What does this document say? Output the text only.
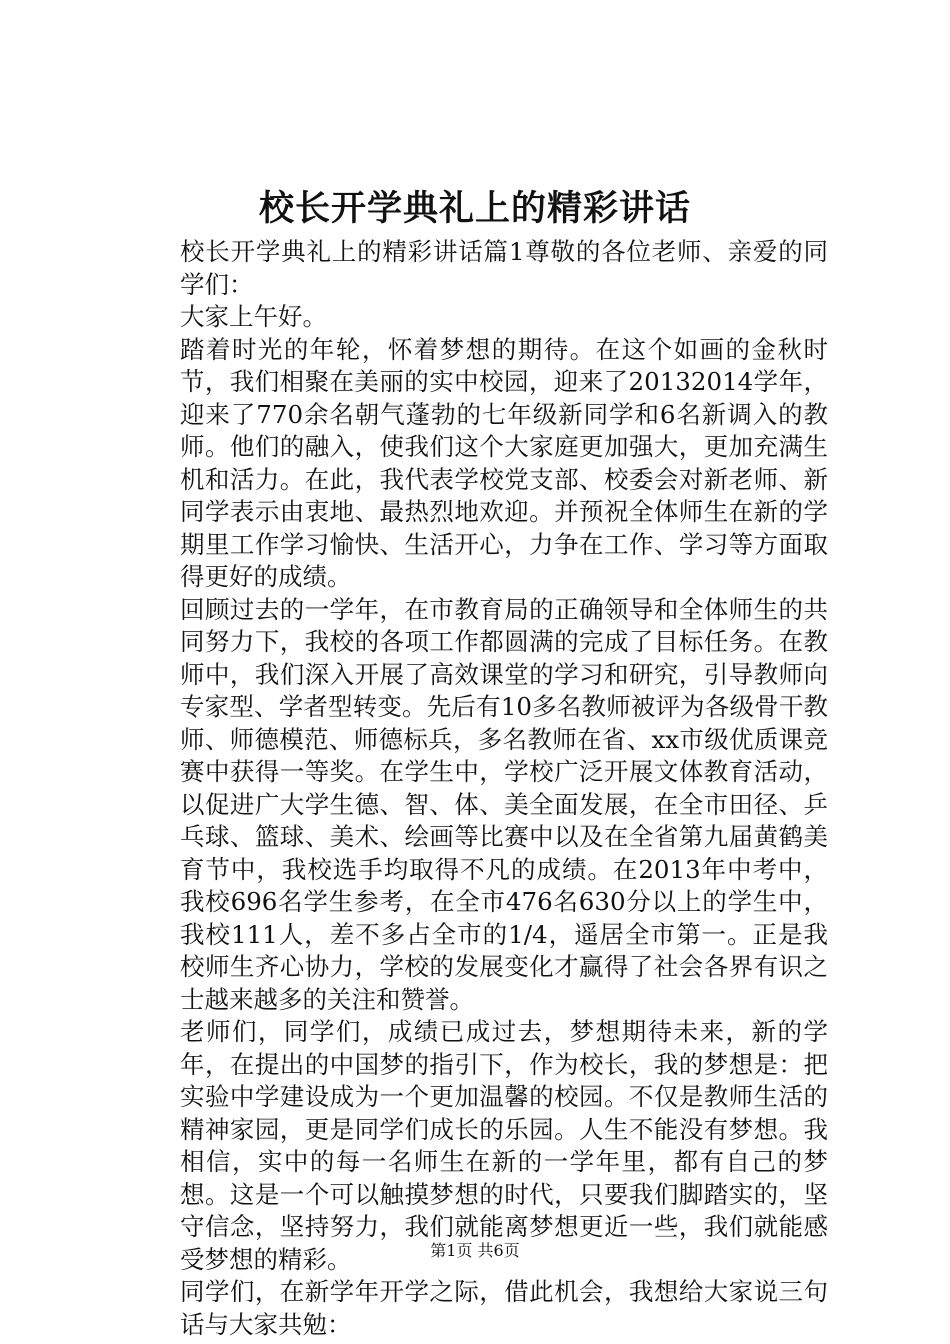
校长开学典礼上的精彩讲话

校长开学典礼上的精彩讲话篇1尊敬的各位老师、亲爱的同学们：

大家上午好。

踏着时光的年轮，怀着梦想的期待。在这个如画的金秋时节，我们相聚在美丽的实中校园，迎来了20132014学年，迎来了770余名朝气蓬勃的七年级新同学和6名新调入的教师。他们的融入，使我们这个大家庭更加强大，更加充满生机和活力。在此，我代表学校党支部、校委会对新老师、新同学表示由衷地、最热烈地欢迎。并预祝全体师生在新的学期里工作学习愉快、生活开心，力争在工作、学习等方面取得更好的成绩。

回顾过去的一学年，在市教育局的正确领导和全体师生的共同努力下，我校的各项工作都圆满的完成了目标任务。在教师中，我们深入开展了高效课堂的学习和研究，引导教师向专家型、学者型转变。先后有10多名教师被评为各级骨干教师、师德模范、师德标兵，多名教师在省、xx市级优质课竞赛中获得一等奖。在学生中，学校广泛开展文体教育活动，以促进广大学生德、智、体、美全面发展，在全市田径、乒乓球、篮球、美术、绘画等比赛中以及在全省第九届黄鹤美育节中，我校选手均取得不凡的成绩。在2013年中考中，我校696名学生参考，在全市476名630分以上的学生中，我校111人，差不多占全市的1/4，遥居全市第一。正是我校师生齐心协力，学校的发展变化才赢得了社会各界有识之士越来越多的关注和赞誉。

老师们，同学们，成绩已成过去，梦想期待未来，新的学年，在提出的中国梦的指引下，作为校长，我的梦想是：把实验中学建设成为一个更加温馨的校园。不仅是教师生活的精神家园，更是同学们成长的乐园。人生不能没有梦想。我相信，实中的每一名师生在新的一学年里，都有自己的梦想。这是一个可以触摸梦想的时代，只要我们脚踏实的，坚守信念，坚持努力，我们就能离梦想更近一些，我们就能感受梦想的精彩。

同学们，在新学年开学之际，借此机会，我想给大家说三句话与大家共勉：

第1页 共6页
